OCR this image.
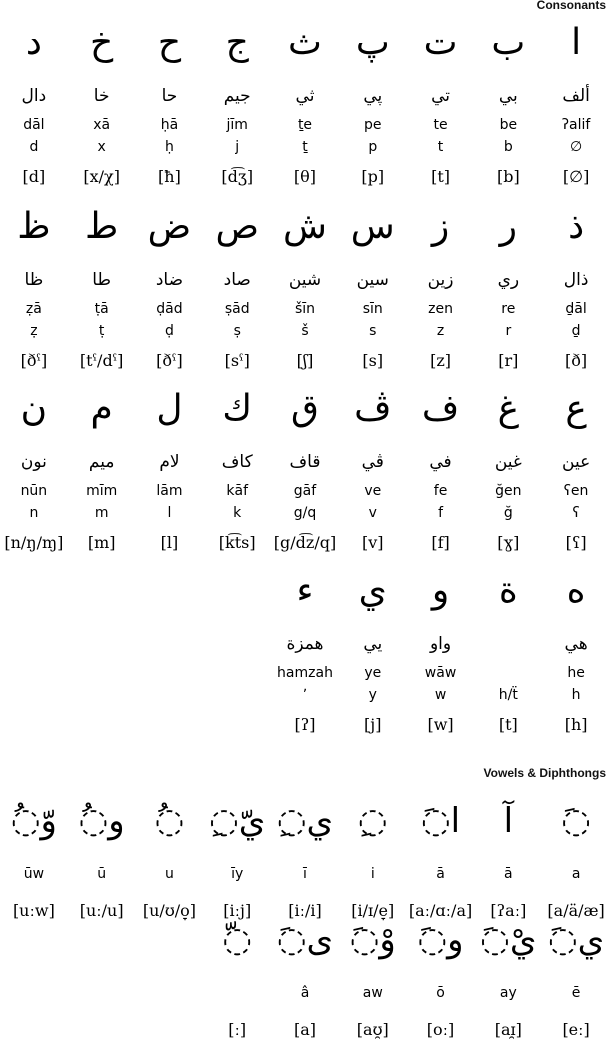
Consonants
د
دال
dāl
d
[d]
خ
خا
xā
x
[x/χ]
ح
حا
ḥā
ḥ
[ħ]
ج
جيم
jīm
j
[d͡ʒ]
ث
ثي
ṯe
ṯ
[θ]
پ
پي
pe
p
[p]
ت
تي
te
t
[t]
ب
بي
be
b
[b]
ا
ألف
ʔalif
∅
[∅]
ظ
ظا
ẓā
ẓ
[ðˤ]
ط
طا
ṭā
ṭ
[tˤ/dˤ]
ض
ضاد
ḍād
ḍ
[ðˤ]
ص
صاد
ṣād
ṣ
[sˤ]
ش
شين
šīn
š
[ʃ]
س
سين
sīn
s
[s]
ز
زين
zen
z
[z]
ر
ري
re
r
[r]
ذ
ذال
ḏāl
ḏ
[ð]
ن
نون
nūn
n
[n/ŋ/ɱ]
م
ميم
mīm
m
[m]
ل
لام
lām
l
[l]
ك
كاف
kāf
k
[k͡ts]
ق
قاف
gāf
g/q
[g/d͡z/q]
ڤ
ڤي
ve
v
[v]
ف
في
fe
f
[f]
غ
غين
ğen
ğ
[ɣ]
ع
عين
ʕen
ʕ
[ʕ]
ء
همزة
hamzah
ʼ
[ʔ]
ي
يي
ye
y
[j]
و
واو
wāw
w
[w]
ة
h/ẗ
[t]
ه
هي
he
h
[h]
Vowels & Diphthongs
◌ُوّ
ūw
[uːw]
◌ُو
ū
[uː/u]
◌ُ
u
[u/ʊ/o̞]
◌ِيّ
īy
[iːj]
◌ِي
ī
[iː/i]
◌ِ
i
[i/ɪ/e̞]
◌َا
ā
[aː/ɑː/a]
آ
ā
[ʔaː]
◌َ
a
[a/ä/æ]
◌ّ
[ː]
◌َى
â
[a]
◌َوْ
aw
[aʊ̯]
◌َو
ō
[oː]
◌َيْ
ay
[aɪ̯]
◌َي
ē
[eː]
